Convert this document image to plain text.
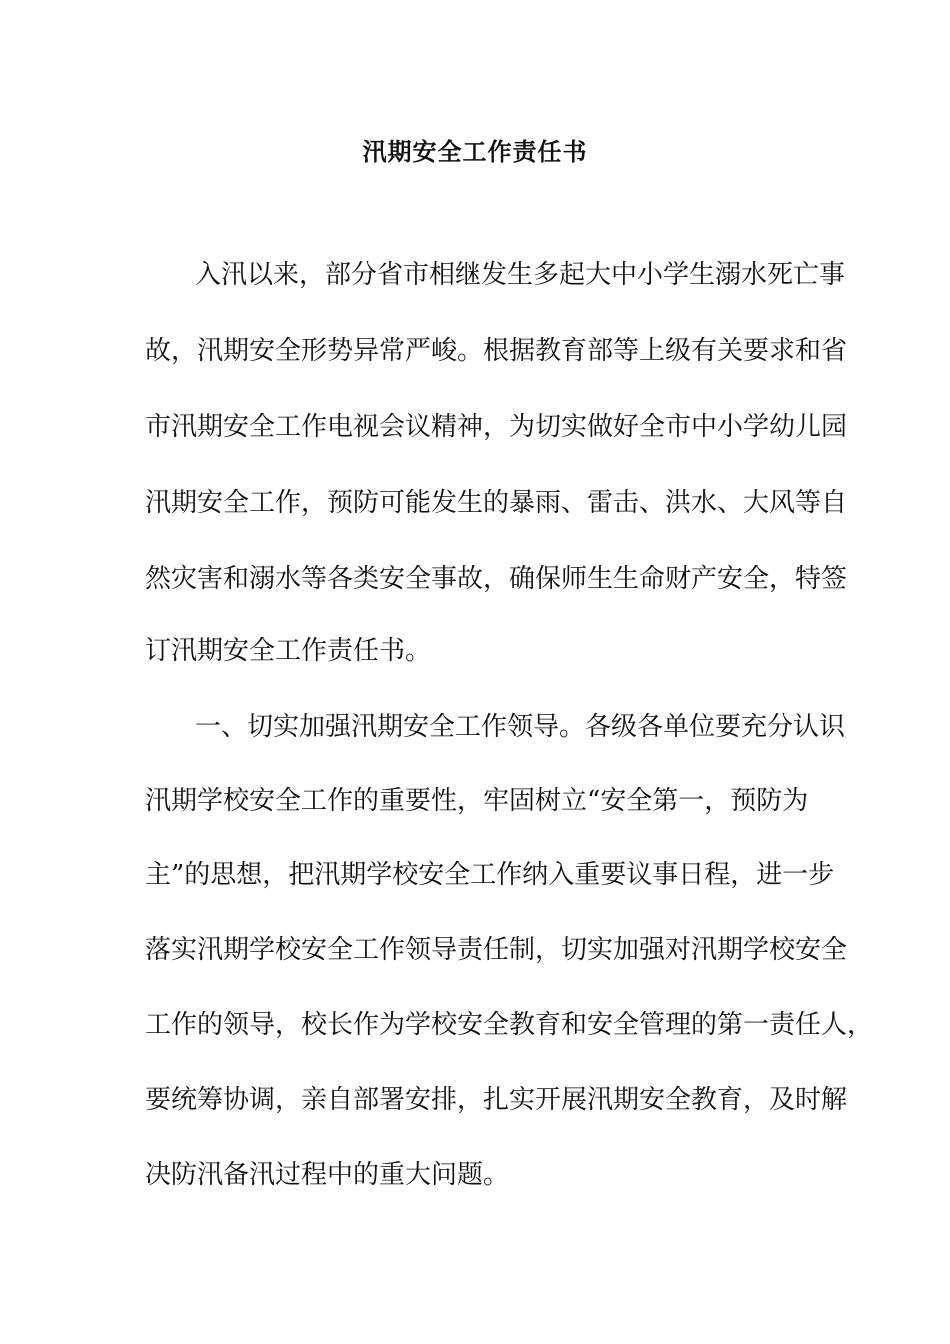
汛期安全工作责任书

入汛以来，部分省市相继发生多起大中小学生溺水死亡事

故，汛期安全形势异常严峻。根据教育部等上级有关要求和省

市汛期安全工作电视会议精神，为切实做好全市中小学幼儿园

汛期安全工作，预防可能发生的暴雨、雷击、洪水、大风等自

然灾害和溺水等各类安全事故，确保师生生命财产安全，特签

订汛期安全工作责任书。

一、切实加强汛期安全工作领导。各级各单位要充分认识

汛期学校安全工作的重要性，牢固树立“安全第一，预防为

主”的思想，把汛期学校安全工作纳入重要议事日程，进一步

落实汛期学校安全工作领导责任制，切实加强对汛期学校安全

工作的领导，校长作为学校安全教育和安全管理的第一责任人，

要统筹协调，亲自部署安排，扎实开展汛期安全教育，及时解

决防汛备汛过程中的重大问题。
